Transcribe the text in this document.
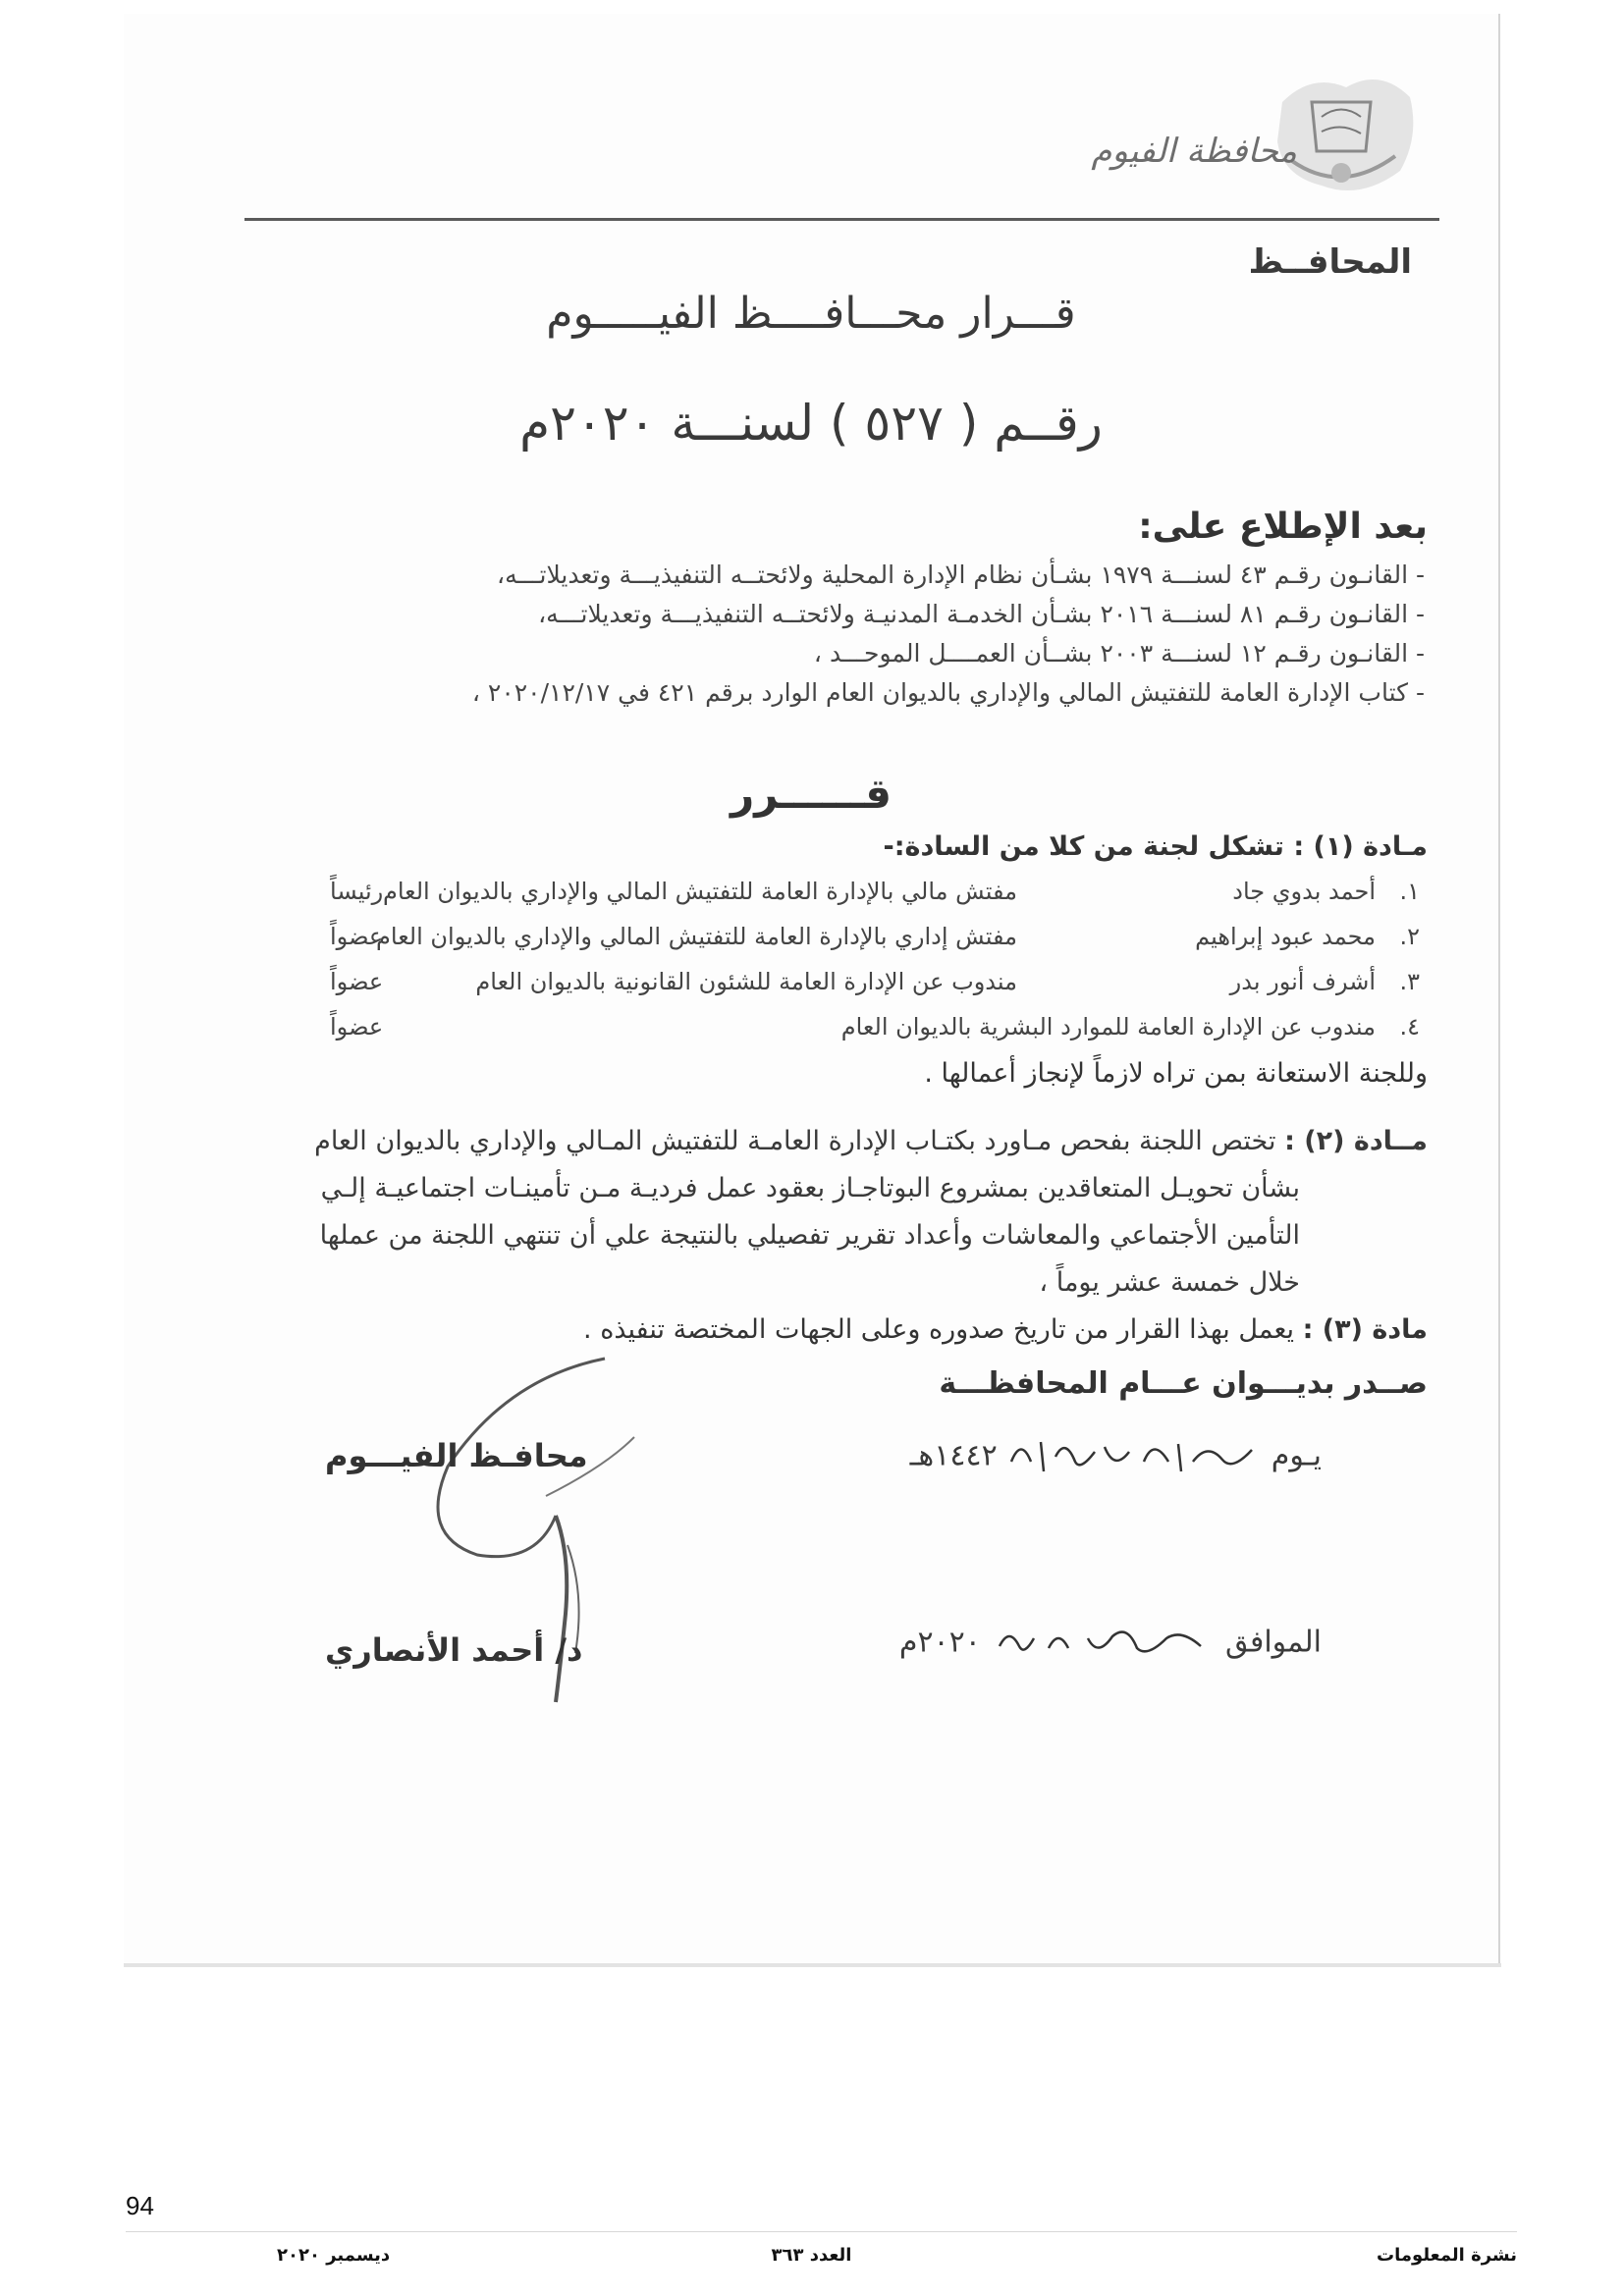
محافظة الفيوم
المحافــظ
قـــرار محـــافــــظ الفيـــــوم
رقــم ( ٥٢٧ ) لسنـــة ٢٠٢٠م
بعد الإطلاع على:
- القانـون رقـم ٤٣ لسنـــة ١٩٧٩ بشـأن نظام الإدارة المحلية ولائحتــه التنفيذيـــة وتعديلاتـــه،
- القانـون رقـم ٨١ لسنـــة ٢٠١٦ بشـأن الخدمـة المدنيـة ولائحتــه التنفيذيـــة وتعديلاتـــه،
- القانـون رقـم ١٢ لسنـــة ٢٠٠٣ بشــأن العمــــل الموحـــد ،
- كتاب الإدارة العامة للتفتيش المالي والإداري بالديوان العام الوارد برقم ٤٢١ في ٢٠٢٠/١٢/١٧ ،
قــــــرر
مـادة (١) : تشكل لجنة من كلا من السادة:-
١.
أحمد بدوي جاد
مفتش مالي بالإدارة العامة للتفتيش المالي والإداري بالديوان العام
رئيساً
٢.
محمد عبود إبراهيم
مفتش إداري بالإدارة العامة للتفتيش المالي والإداري بالديوان العام
عضواً
٣.
أشرف أنور بدر
مندوب عن الإدارة العامة للشئون القانونية بالديوان العام
عضواً
٤.
مندوب عن الإدارة العامة للموارد البشرية بالديوان العام
عضواً
وللجنة الاستعانة بمن تراه لازماً لإنجاز أعمالها .
مــادة (٢) : تختص اللجنة بفحص مـاورد بكتـاب الإدارة العامـة للتفتيش المـالي والإداري بالديوان العام
بشأن تحويـل المتعاقدين بمشروع البوتاجـاز بعقود عمل فرديـة مـن تأمينـات اجتماعيـة إلـي
التأمين الأجتماعي والمعاشات وأعداد تقرير تفصيلي بالنتيجة علي أن تنتهي اللجنة من عملها
خلال خمسة عشر يوماً ،
مادة (٣) : يعمل بهذا القرار من تاريخ صدوره وعلى الجهات المختصة تنفيذه .
صــدر بديـــوان عـــام المحافظـــة
محافـظ الفيـــوم
د/ أحمد الأنصاري
يـوم  ١٤٤٢هـ
الموافق  ٢٠٢٠م
94
نشرة المعلومات
العدد ٣٦٣
ديسمبر ٢٠٢٠
